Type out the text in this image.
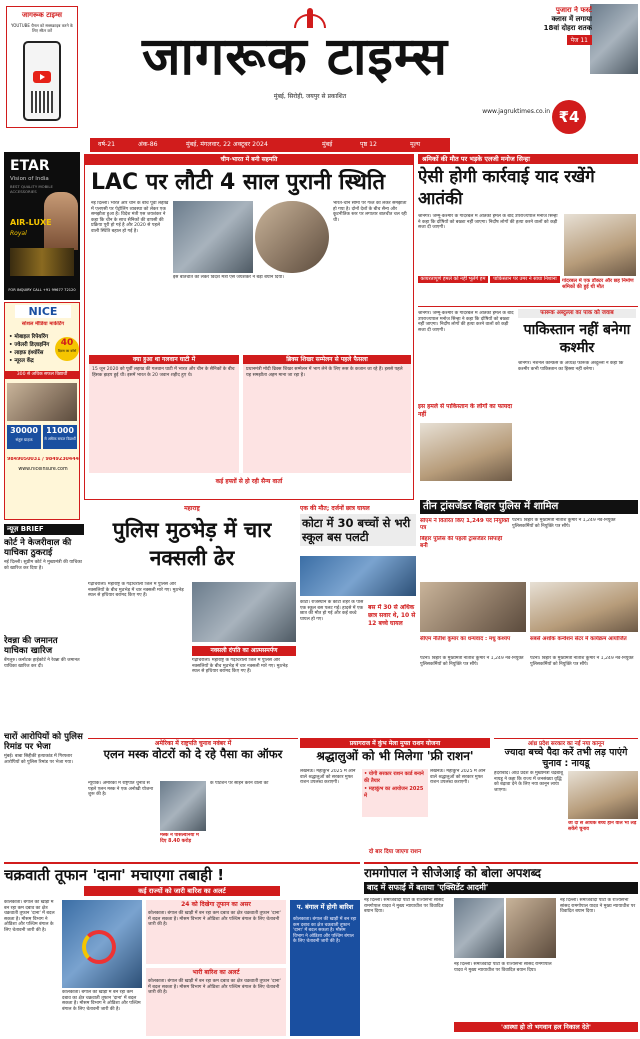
जागरूक टाइम्स
YOUTUBE चैनल को सब्सक्राइब करने के लिए स्कैन करें	जागरूक टाइम्स
मुंबई, सिरोही, जयपुर से प्रकाशित
www.jagruktimes.co.in ₹4
पुजारा ने फर्स्ट
क्लास में लगाया
18वां दोहरा शतक
पेज 11
वर्ष-21	अंक-86	मुंबई, मंगलवार, 22 अक्टूबर 2024	मुंबई	पृष्ठ 12	मूल्य
ETAR
Vision of India
BEST QUALITY MOBILE ACCESSORIES
AIR-LUXE
Royal
FOR INQUIRY CALL +91 99677 72120
NICE
सोशल मीडिया मार्केटिंग
• मोबाइल रिपेयरिंग
• ज्वेलरी डिज़ाइनिंग
• लाइफ़ इंश्योरेंस
• न्यूरल केंद्र
40
दिवस का कोर्स
300 से अधिक सफल विद्यार्थी
30000
संतुष्ट ग्राहक
11000
से अधिक सफल विद्यार्थी
9849050031 / 9849230444
www.niceinsure.com
चीन-भारत में बनी सहमति
LAC पर लौटी 4 साल पुरानी स्थिति
नई दिल्ली। भारत और चीन के बीच पूर्वी लद्दाख में एलएसी पर पेट्रोलिंग व्यवस्था को लेकर एक समझौता हुआ है। विदेश मंत्री एस जयशंकर ने कहा कि चीन के साथ सैनिकों की वापसी की प्रक्रिया पूरी हो गई है और 2020 से पहले वाली स्थिति बहाल हो गई है।
इस बातचीत को लेकर विदेश मंत्री एस जयशंकर ने बड़ा बयान दिया।
भारत-चीन सीमा पर गश्त को लेकर समझौता हो गया है। दोनों देशों के बीच सैन्य और कूटनीतिक स्तर पर लगातार बातचीत चल रही थी।
क्या हुआ था गलवान घाटी में
15 जून 2020 को पूर्वी लद्दाख की गलवान घाटी में भारत और चीन के सैनिकों के बीच हिंसक झड़प हुई थी। इसमें भारत के 20 जवान शहीद हुए थे।
ब्रिक्स शिखर सम्मेलन से पहले फैसला
प्रधानमंत्री मोदी ब्रिक्स शिखर सम्मेलन में भाग लेने के लिए रूस के कजान जा रहे हैं। इससे पहले यह समझौता अहम माना जा रहा है।
कई हफ्तों से हो रही सैन्य वार्ता
श्रमिकों की मौत पर भड़के एलजी मनोज सिन्हा
ऐसी होगी कार्रवाई याद रखेंगे आतंकी
श्रीनगर। जम्मू-कश्मीर के गांदरबल में आतंकी हमले के बाद उपराज्यपाल मनोज सिन्हा ने कहा कि दोषियों को बख्शा नहीं जाएगा। निर्दोष लोगों की हत्या करने वालों को कड़ी सजा दी जाएगी।
गांदरबल में एक डॉक्टर और छह निर्माण श्रमिकों की हुई थी मौत
कायरतापूर्ण हमले को नहीं भूलेंगे हम	पाकिस्तान पर उमर ने साधा निशाना
फारूक अब्दुल्ला का पाक को जवाब
पाकिस्तान नहीं बनेगा कश्मीर
श्रीनगर। नेशनल कॉन्फ्रेंस के अध्यक्ष फारूक अब्दुल्ला ने कहा कि कश्मीर कभी पाकिस्तान का हिस्सा नहीं बनेगा।
श्रीनगर। जम्मू-कश्मीर के गांदरबल में आतंकी हमले के बाद उपराज्यपाल मनोज सिन्हा ने कहा कि दोषियों को बख्शा नहीं जाएगा। निर्दोष लोगों की हत्या करने वालों को कड़ी सजा दी जाएगी।
इस हमले से पाकिस्तान के लोगों का फायदा नहीं
न्यूज़ BRIEF
कोर्ट ने केजरीवाल की याचिका ठुकराई
नई दिल्ली। सुप्रीम कोर्ट ने मुख्यमंत्री की याचिका को खारिज कर दिया है।
रेवन्ना की जमानत याचिका खारिज
बेंगलुरु। कर्नाटक हाईकोर्ट ने रेवन्ना की जमानत याचिका खारिज कर दी।
चारों आरोपियों को पुलिस रिमांड पर भेजा
मुंबई। बाबा सिद्दीकी हत्याकांड में गिरफ्तार आरोपियों को पुलिस रिमांड पर भेजा गया।
महाराष्ट्र
पुलिस मुठभेड़ में चार नक्सली ढेर
गढ़चिरौली। महाराष्ट्र के गढ़चिरौली जिले में पुलिस और नक्सलियों के बीच मुठभेड़ में चार नक्सली मारे गए। मुठभेड़ स्थल से हथियार बरामद किए गए हैं।
नक्सली दंपति का आत्मसमर्पण
गढ़चिरौली। महाराष्ट्र के गढ़चिरौली जिले में पुलिस और नक्सलियों के बीच मुठभेड़ में चार नक्सली मारे गए। मुठभेड़ स्थल से हथियार बरामद किए गए हैं।
एक की मौत; दर्जनों छात्र घायल
कोटा में 30 बच्चों से भरी स्कूल बस पलटी
कोटा। राजस्थान के कोटा शहर के पास एक स्कूल बस पलट गई। हादसे में एक छात्र की मौत हो गई और कई बच्चे घायल हो गए।
बस में 30 से अधिक छात्र सवार थे, 10 से 12 बच्चे घायल
तीन ट्रांसजेंडर बिहार पुलिस में शामिल
सीएम ने वितरित किए 1,249 पद नियुक्ति पत्र
बिहार पुलिस की पहली ट्रांसजेंडर सिपाही बनी
पटना। बिहार के मुख्यमंत्री नीतीश कुमार ने 1,249 नव-नियुक्त पुलिसकर्मियों को नियुक्ति पत्र सौंपे।
सीएम नीतीश कुमार का धन्यवाद : मधु कश्यप	सबसे अशोक कन्वेंशन सेंटर में कार्यक्रम आयोजित
पटना। बिहार के मुख्यमंत्री नीतीश कुमार ने 1,249 नव-नियुक्त पुलिसकर्मियों को नियुक्ति पत्र सौंपे।
पटना। बिहार के मुख्यमंत्री नीतीश कुमार ने 1,249 नव-नियुक्त पुलिसकर्मियों को नियुक्ति पत्र सौंपे।
अमेरिका में राष्ट्रपति चुनाव नवंबर में
एलन मस्क वोटरों को दे रहे पैसा का ऑफर
न्यूयॉर्क। अमेरिका में राष्ट्रपति चुनाव से पहले एलन मस्क ने एक अनोखी योजना शुरू की है।
मस्क ने पेंसिल्वेनिया में दिए 8.40 करोड़
के पेटिशन पर साइन करने वालों को
प्रयागराज में कुंभ मेला मुफ्त राशन योजना
श्रद्धालुओं को भी मिलेगा 'फ्री राशन'
लखनऊ। महाकुंभ 2025 में आने वाले श्रद्धालुओं को सरकार मुफ्त राशन उपलब्ध कराएगी।
• योगी सरकार राशन कार्ड बनाने की तैयार
• महाकुंभ का आयोजन 2025 में
लखनऊ। महाकुंभ 2025 में आने वाले श्रद्धालुओं को सरकार मुफ्त राशन उपलब्ध कराएगी।
दो बार दिया जाएगा राशन
आंध्र प्रदेश सरकार का नई नया कानून
ज्यादा बच्चे पैदा करें तभी लड़ पाएंगे चुनाव : नायडू
हैदराबाद। आंध्र प्रदेश के मुख्यमंत्री चंद्रबाबू नायडू ने कहा कि राज्य में जनसंख्या वृद्धि को बढ़ावा देने के लिए नया कानून लाया जाएगा।
जो दो से अधिक बच्चे होने वाले भी लड़ सकेंगे चुनाव
चक्रवाती तूफान 'दाना' मचाएगा तबाही !
कई राज्यों को जारी बारिश का अलर्ट
कोलकाता। बंगाल की खाड़ी में बन रहा कम दबाव का क्षेत्र चक्रवाती तूफान 'दाना' में बदल सकता है। मौसम विभाग ने ओडिशा और पश्चिम बंगाल के लिए चेतावनी जारी की है।
कोलकाता। बंगाल की खाड़ी में बन रहा कम दबाव का क्षेत्र चक्रवाती तूफान 'दाना' में बदल सकता है। मौसम विभाग ने ओडिशा और पश्चिम बंगाल के लिए चेतावनी जारी की है।
24 को दिखेगा तूफान का असर
कोलकाता। बंगाल की खाड़ी में बन रहा कम दबाव का क्षेत्र चक्रवाती तूफान 'दाना' में बदल सकता है। मौसम विभाग ने ओडिशा और पश्चिम बंगाल के लिए चेतावनी जारी की है।
भारी बारिश का अलर्ट
कोलकाता। बंगाल की खाड़ी में बन रहा कम दबाव का क्षेत्र चक्रवाती तूफान 'दाना' में बदल सकता है। मौसम विभाग ने ओडिशा और पश्चिम बंगाल के लिए चेतावनी जारी की है।
प. बंगाल में होगी बारिश
कोलकाता। बंगाल की खाड़ी में बन रहा कम दबाव का क्षेत्र चक्रवाती तूफान 'दाना' में बदल सकता है। मौसम विभाग ने ओडिशा और पश्चिम बंगाल के लिए चेतावनी जारी की है।
रामगोपाल ने सीजेआई को बोला अपशब्द
बाद में सफाई में बताया 'एक्सिडेंट आदमी'
नई दिल्ली। समाजवादी पार्टी के राज्यसभा सांसद रामगोपाल यादव ने मुख्य न्यायाधीश पर विवादित बयान दिया।
नई दिल्ली। समाजवादी पार्टी के राज्यसभा सांसद रामगोपाल यादव ने मुख्य न्यायाधीश पर विवादित बयान दिया।
नई दिल्ली। समाजवादी पार्टी के राज्यसभा सांसद रामगोपाल यादव ने मुख्य न्यायाधीश पर विवादित बयान दिया।
'आस्था हो तो भगवान हल निकाल देते'
